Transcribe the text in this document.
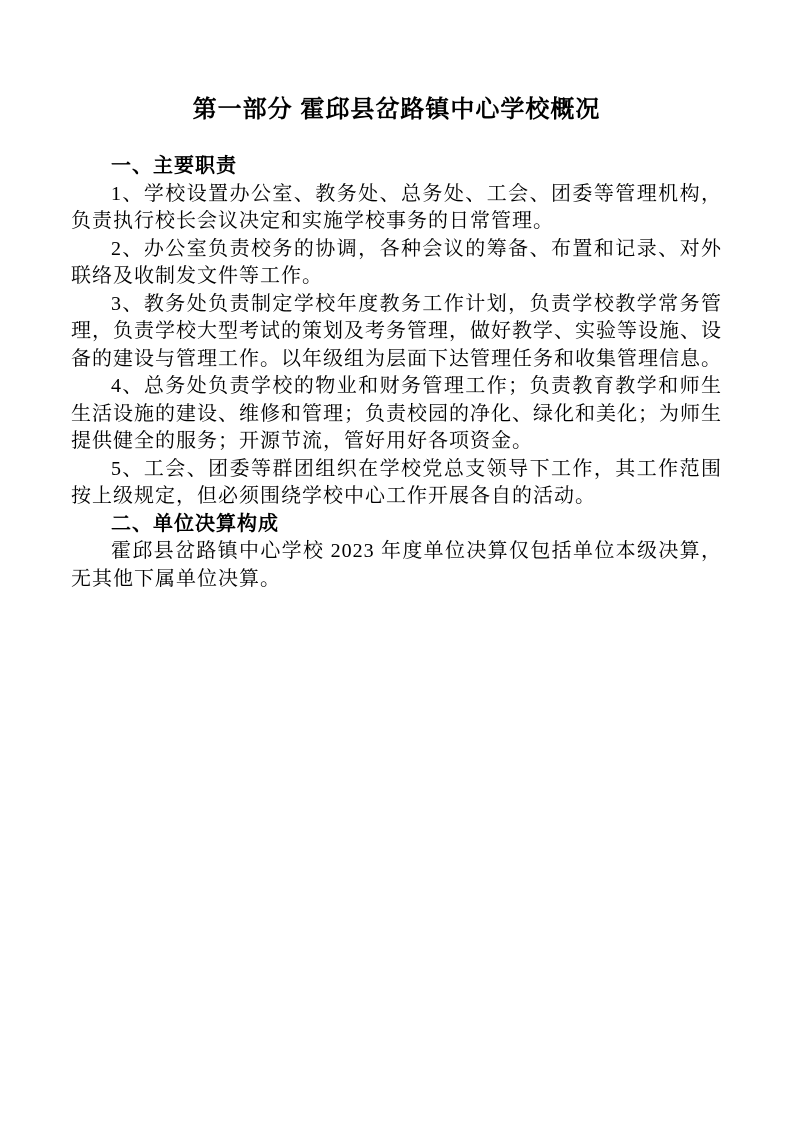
第一部分 霍邱县岔路镇中心学校概况
一、主要职责

1、学校设置办公室、教务处、总务处、工会、团委等管理机构，负责执行校长会议决定和实施学校事务的日常管理。

2、办公室负责校务的协调，各种会议的筹备、布置和记录、对外联络及收制发文件等工作。

3、教务处负责制定学校年度教务工作计划，负责学校教学常务管理，负责学校大型考试的策划及考务管理，做好教学、实验等设施、设备的建设与管理工作。以年级组为层面下达管理任务和收集管理信息。

4、总务处负责学校的物业和财务管理工作；负责教育教学和师生生活设施的建设、维修和管理；负责校园的净化、绿化和美化；为师生提供健全的服务；开源节流，管好用好各项资金。

5、工会、团委等群团组织在学校党总支领导下工作，其工作范围按上级规定，但必须围绕学校中心工作开展各自的活动。

二、单位决算构成

霍邱县岔路镇中心学校 2023 年度单位决算仅包括单位本级决算，无其他下属单位决算。
